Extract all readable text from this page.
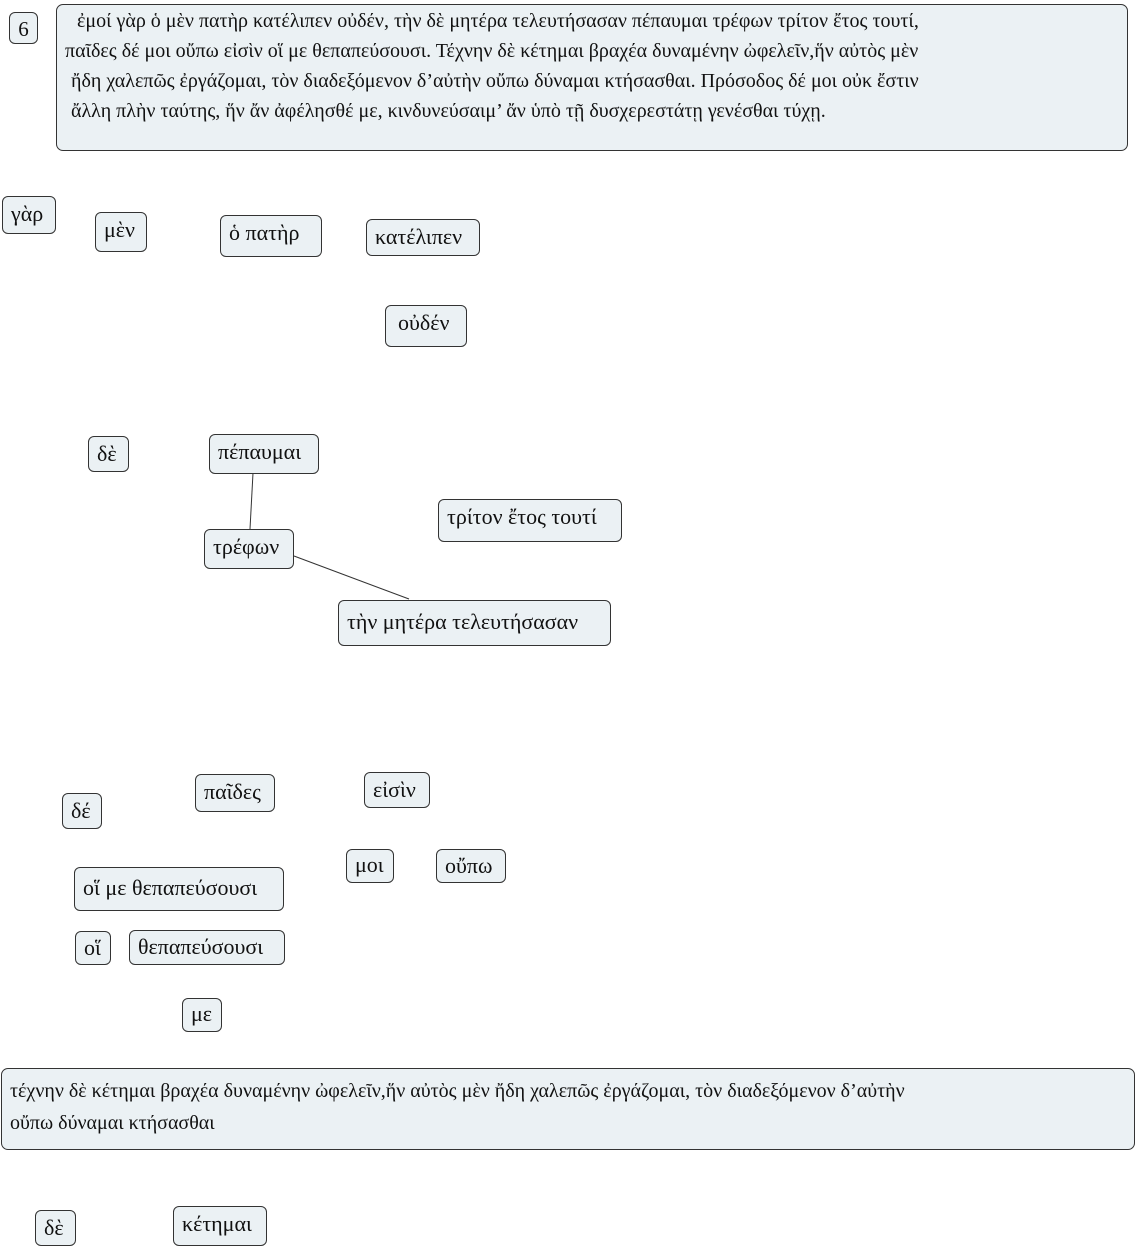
6	ἐμοί γὰρ ὁ μὲν πατὴρ κατέλιπεν οὐδέν, τὴν δὲ μητέρα τελευτήσασαν πέπαυμαι τρέφων τρίτον ἔτος τουτί,
παῖδες δέ μοι οὔπω εἰσὶν οἵ με θεπαπεύσουσι. Τέχνην δὲ κέτημαι βραχέα δυναμένην ὠφελεῖν,ἥν αὐτὸς μὲν
ἤδη χαλεπῶς ἐργάζομαι, τὸν διαδεξόμενον δ’αὐτὴν οὔπω δύναμαι κτήσασθαι. Πρόσοδος δέ μοι οὐκ ἔστιν
ἄλλη πλὴν ταύτης, ἥν ἄν ἀφέλησθέ με, κινδυνεύσαιμ’ ἄν ὑπὸ τῇ δυσχερεστάτῃ γενέσθαι τύχῃ.
γὰρ
μὲν	ὁ πατὴρ	κατέλιπεν
οὐδέν
δὲ	πέπαυμαι
τρέφων
τρίτον ἔτος τουτί
τὴν μητέρα τελευτήσασαν
δέ
παῖδες	εἰσὶν
μοι	οὔπω
οἵ με θεπαπεύσουσι
οἵ	θεπαπεύσουσι
με
τέχνην δὲ κέτημαι βραχέα δυναμένην ὠφελεῖν,ἥν αὐτὸς μὲν ἤδη χαλεπῶς ἐργάζομαι, τὸν διαδεξόμενον δ’αὐτὴν
οὔπω δύναμαι κτήσασθαι
δὲ	κέτημαι
